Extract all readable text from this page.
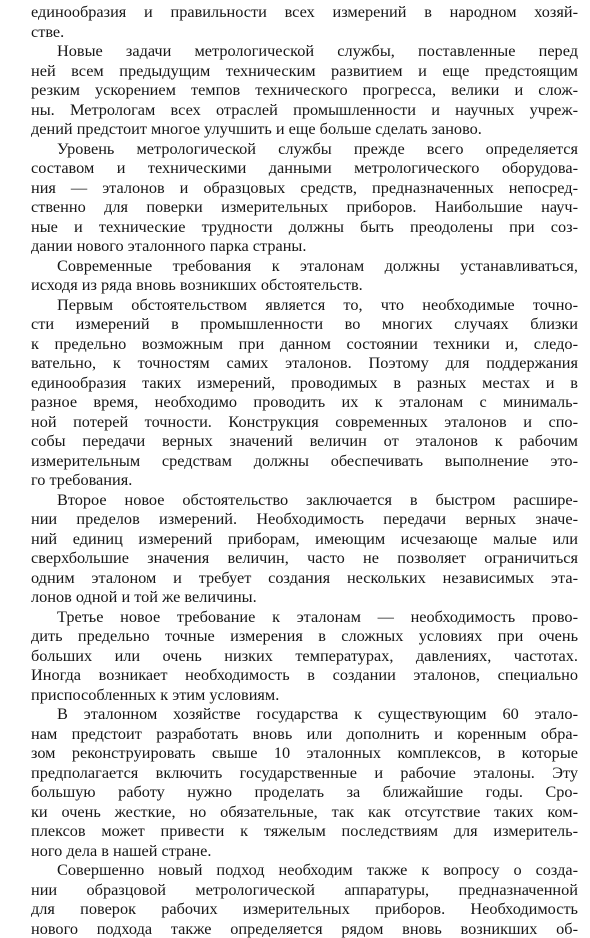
единообразия и правильности всех измерений в народном хозяй-
стве.
Новые задачи метрологической службы, поставленные перед
ней всем предыдущим техническим развитием и еще предстоящим
резким ускорением темпов технического прогресса, велики и слож-
ны. Метрологам всех отраслей промышленности и научных учреж-
дений предстоит многое улучшить и еще больше сделать заново.
Уровень метрологической службы прежде всего определяется
составом и техническими данными метрологического оборудова-
ния — эталонов и образцовых средств, предназначенных непосред-
ственно для поверки измерительных приборов. Наибольшие науч-
ные и технические трудности должны быть преодолены при соз-
дании нового эталонного парка страны.
Современные требования к эталонам должны устанавливаться,
исходя из ряда вновь возникших обстоятельств.
Первым обстоятельством является то, что необходимые точно-
сти измерений в промышленности во многих случаях близки
к предельно возможным при данном состоянии техники и, следо-
вательно, к точностям самих эталонов. Поэтому для поддержания
единообразия таких измерений, проводимых в разных местах и в
разное время, необходимо проводить их к эталонам с минималь-
ной потерей точности. Конструкция современных эталонов и спо-
собы передачи верных значений величин от эталонов к рабочим
измерительным средствам должны обеспечивать выполнение это-
го требования.
Второе новое обстоятельство заключается в быстром расшире-
нии пределов измерений. Необходимость передачи верных значе-
ний единиц измерений приборам, имеющим исчезающе малые или
сверхбольшие значения величин, часто не позволяет ограничиться
одним эталоном и требует создания нескольких независимых эта-
лонов одной и той же величины.
Третье новое требование к эталонам — необходимость прово-
дить предельно точные измерения в сложных условиях при очень
больших или очень низких температурах, давлениях, частотах.
Иногда возникает необходимость в создании эталонов, специально
приспособленных к этим условиям.
В эталонном хозяйстве государства к существующим 60 этало-
нам предстоит разработать вновь или дополнить и коренным обра-
зом реконструировать свыше 10 эталонных комплексов, в которые
предполагается включить государственные и рабочие эталоны. Эту
большую работу нужно проделать за ближайшие годы. Сро-
ки очень жесткие, но обязательные, так как отсутствие таких ком-
плексов может привести к тяжелым последствиям для измеритель-
ного дела в нашей стране.
Совершенно новый подход необходим также к вопросу о созда-
нии образцовой метрологической аппаратуры, предназначенной
для поверок рабочих измерительных приборов. Необходимость
нового подхода также определяется рядом вновь возникших об-
